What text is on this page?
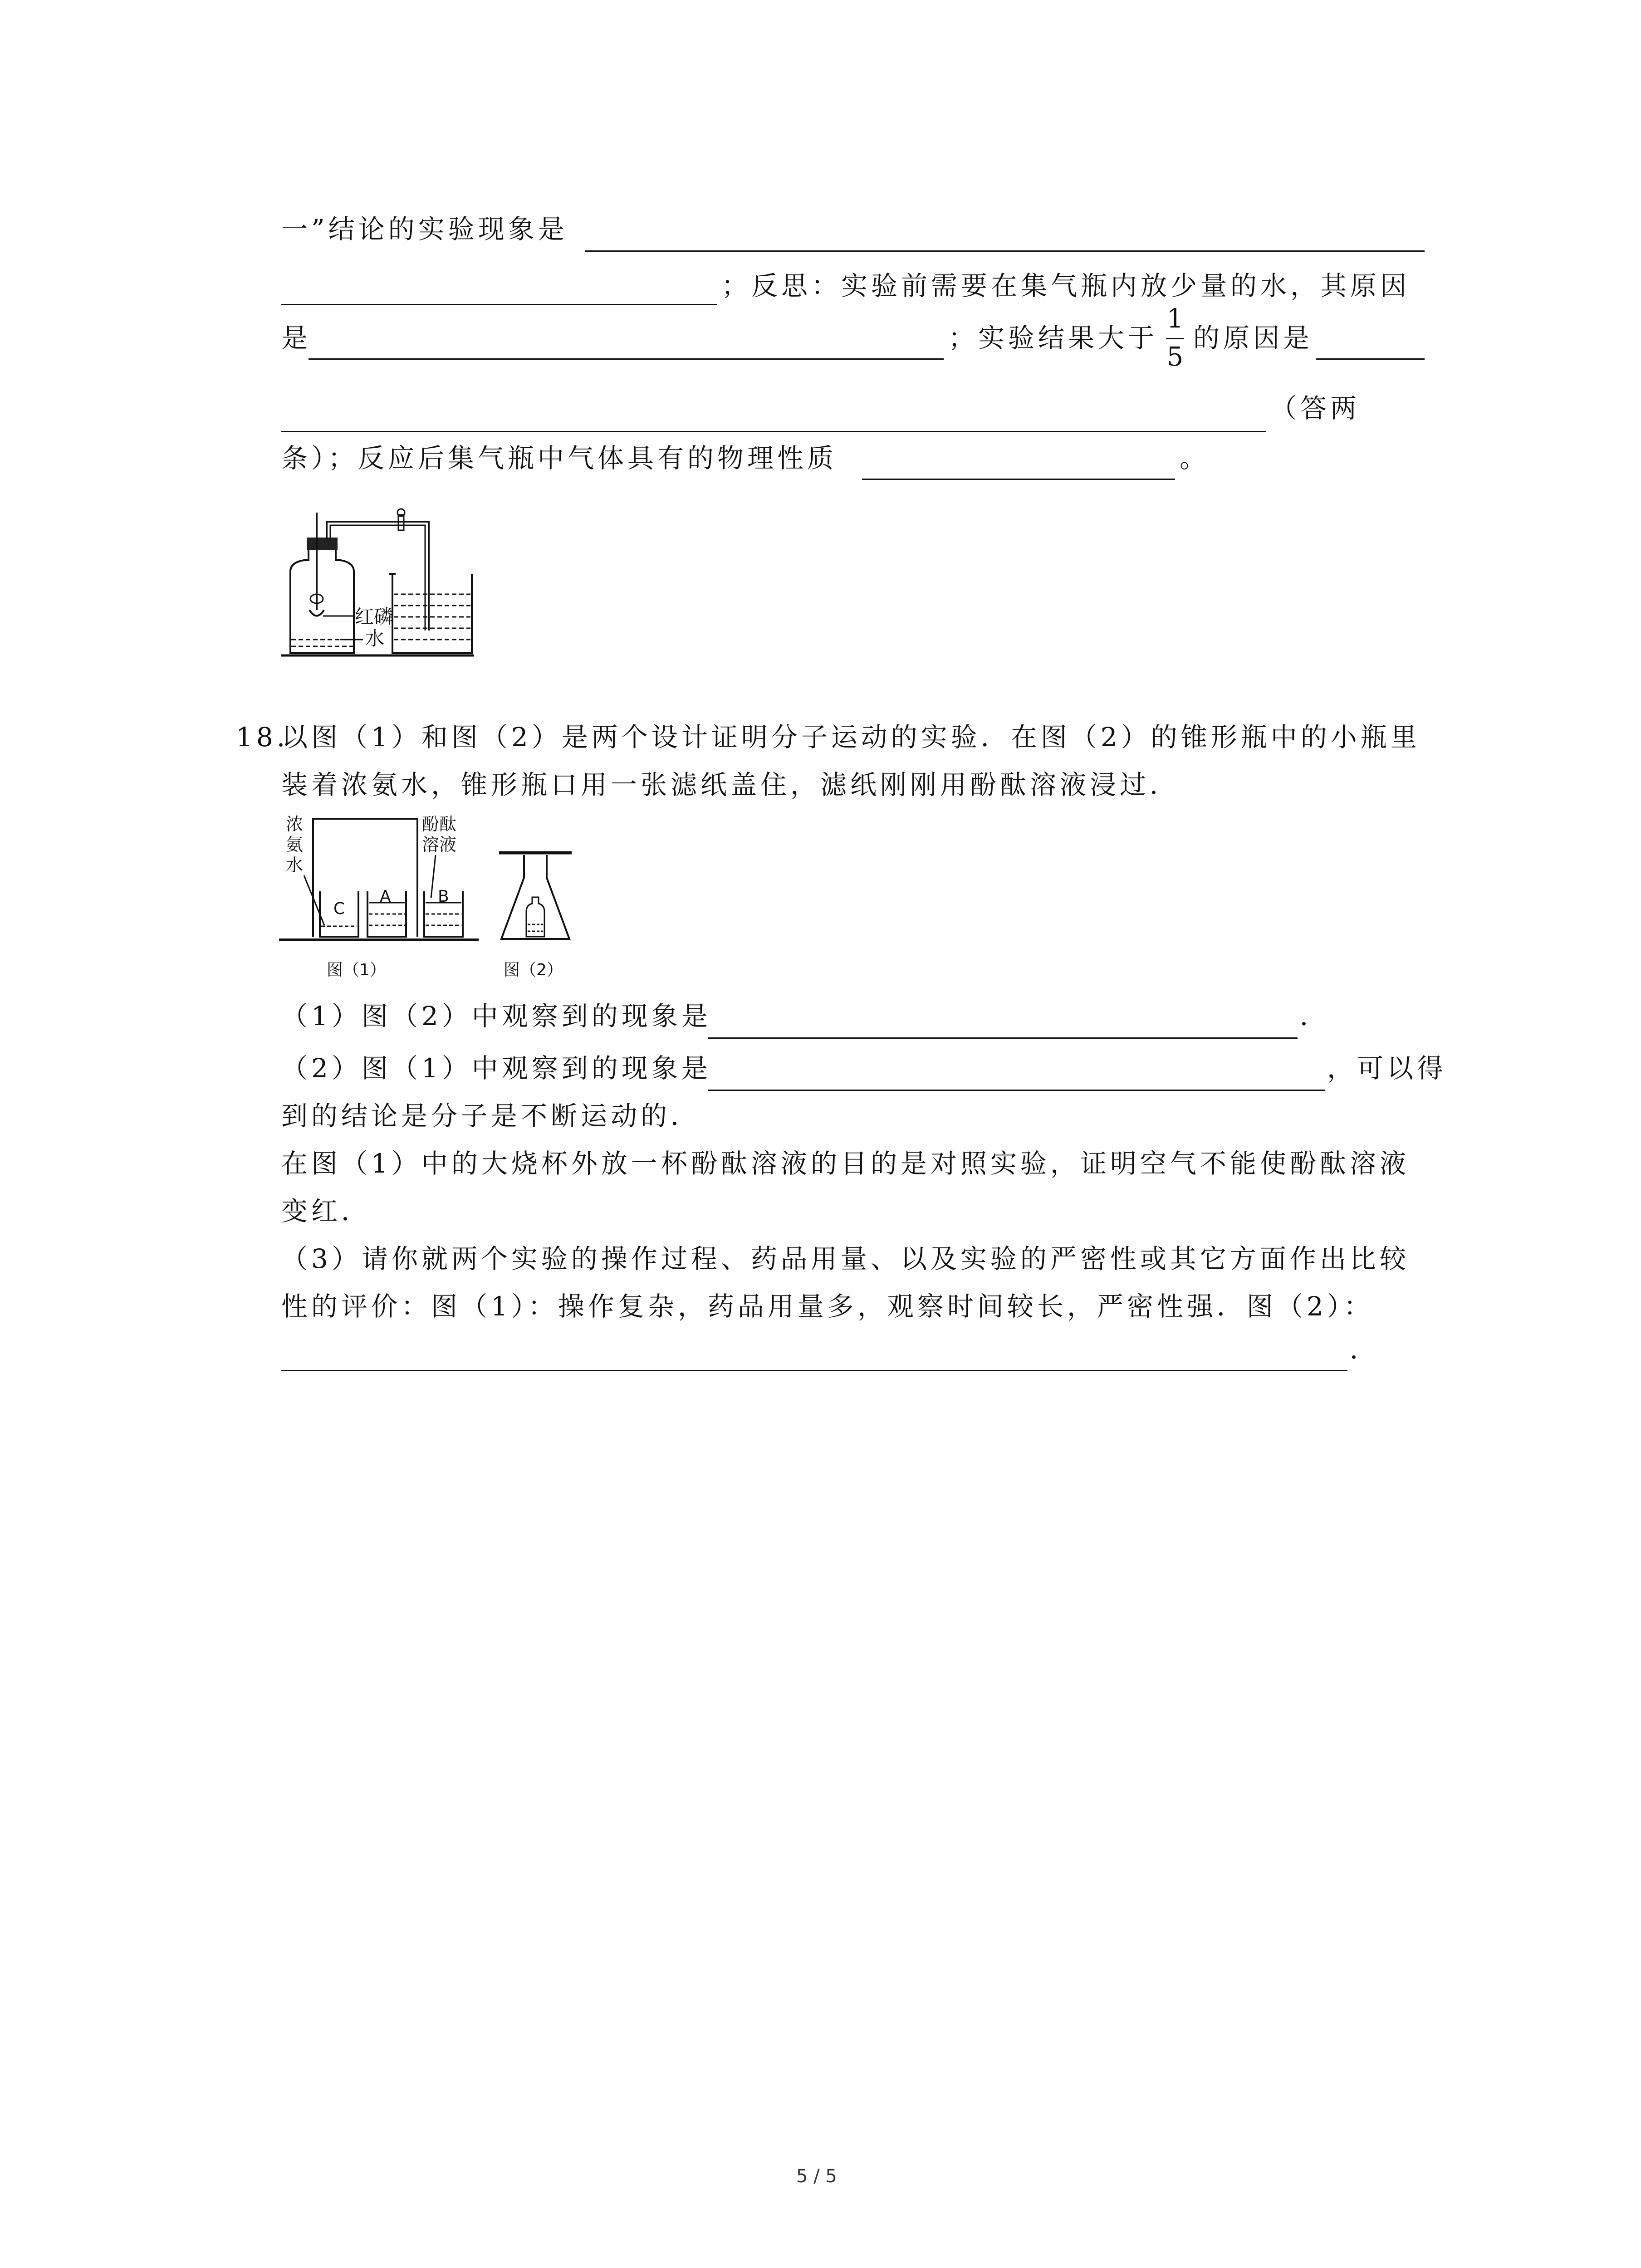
一”结论的实验现象是
；反思：实验前需要在集气瓶内放少量的水，其原因
是	；实验结果大于
1
5
的原因是
（答两
条）；反应后集气瓶中气体具有的物理性质	。
红磷
水
18.
以图（1）和图（2）是两个设计证明分子运动的实验．在图（2）的锥形瓶中的小瓶里
装着浓氨水，锥形瓶口用一张滤纸盖住，滤纸刚刚用酚酞溶液浸过．
浓
氨
水
酚酞
溶液
C
A	B
图（1）	图（2）
（1）图（2）中观察到的现象是	．
（2）图（1）中观察到的现象是	，可以得
到的结论是分子是不断运动的．
在图（1）中的大烧杯外放一杯酚酞溶液的目的是对照实验，证明空气不能使酚酞溶液
变红．
（3）请你就两个实验的操作过程、药品用量、以及实验的严密性或其它方面作出比较
性的评价：图（1）：操作复杂，药品用量多，观察时间较长，严密性强．图（2）：
．
5 / 5
